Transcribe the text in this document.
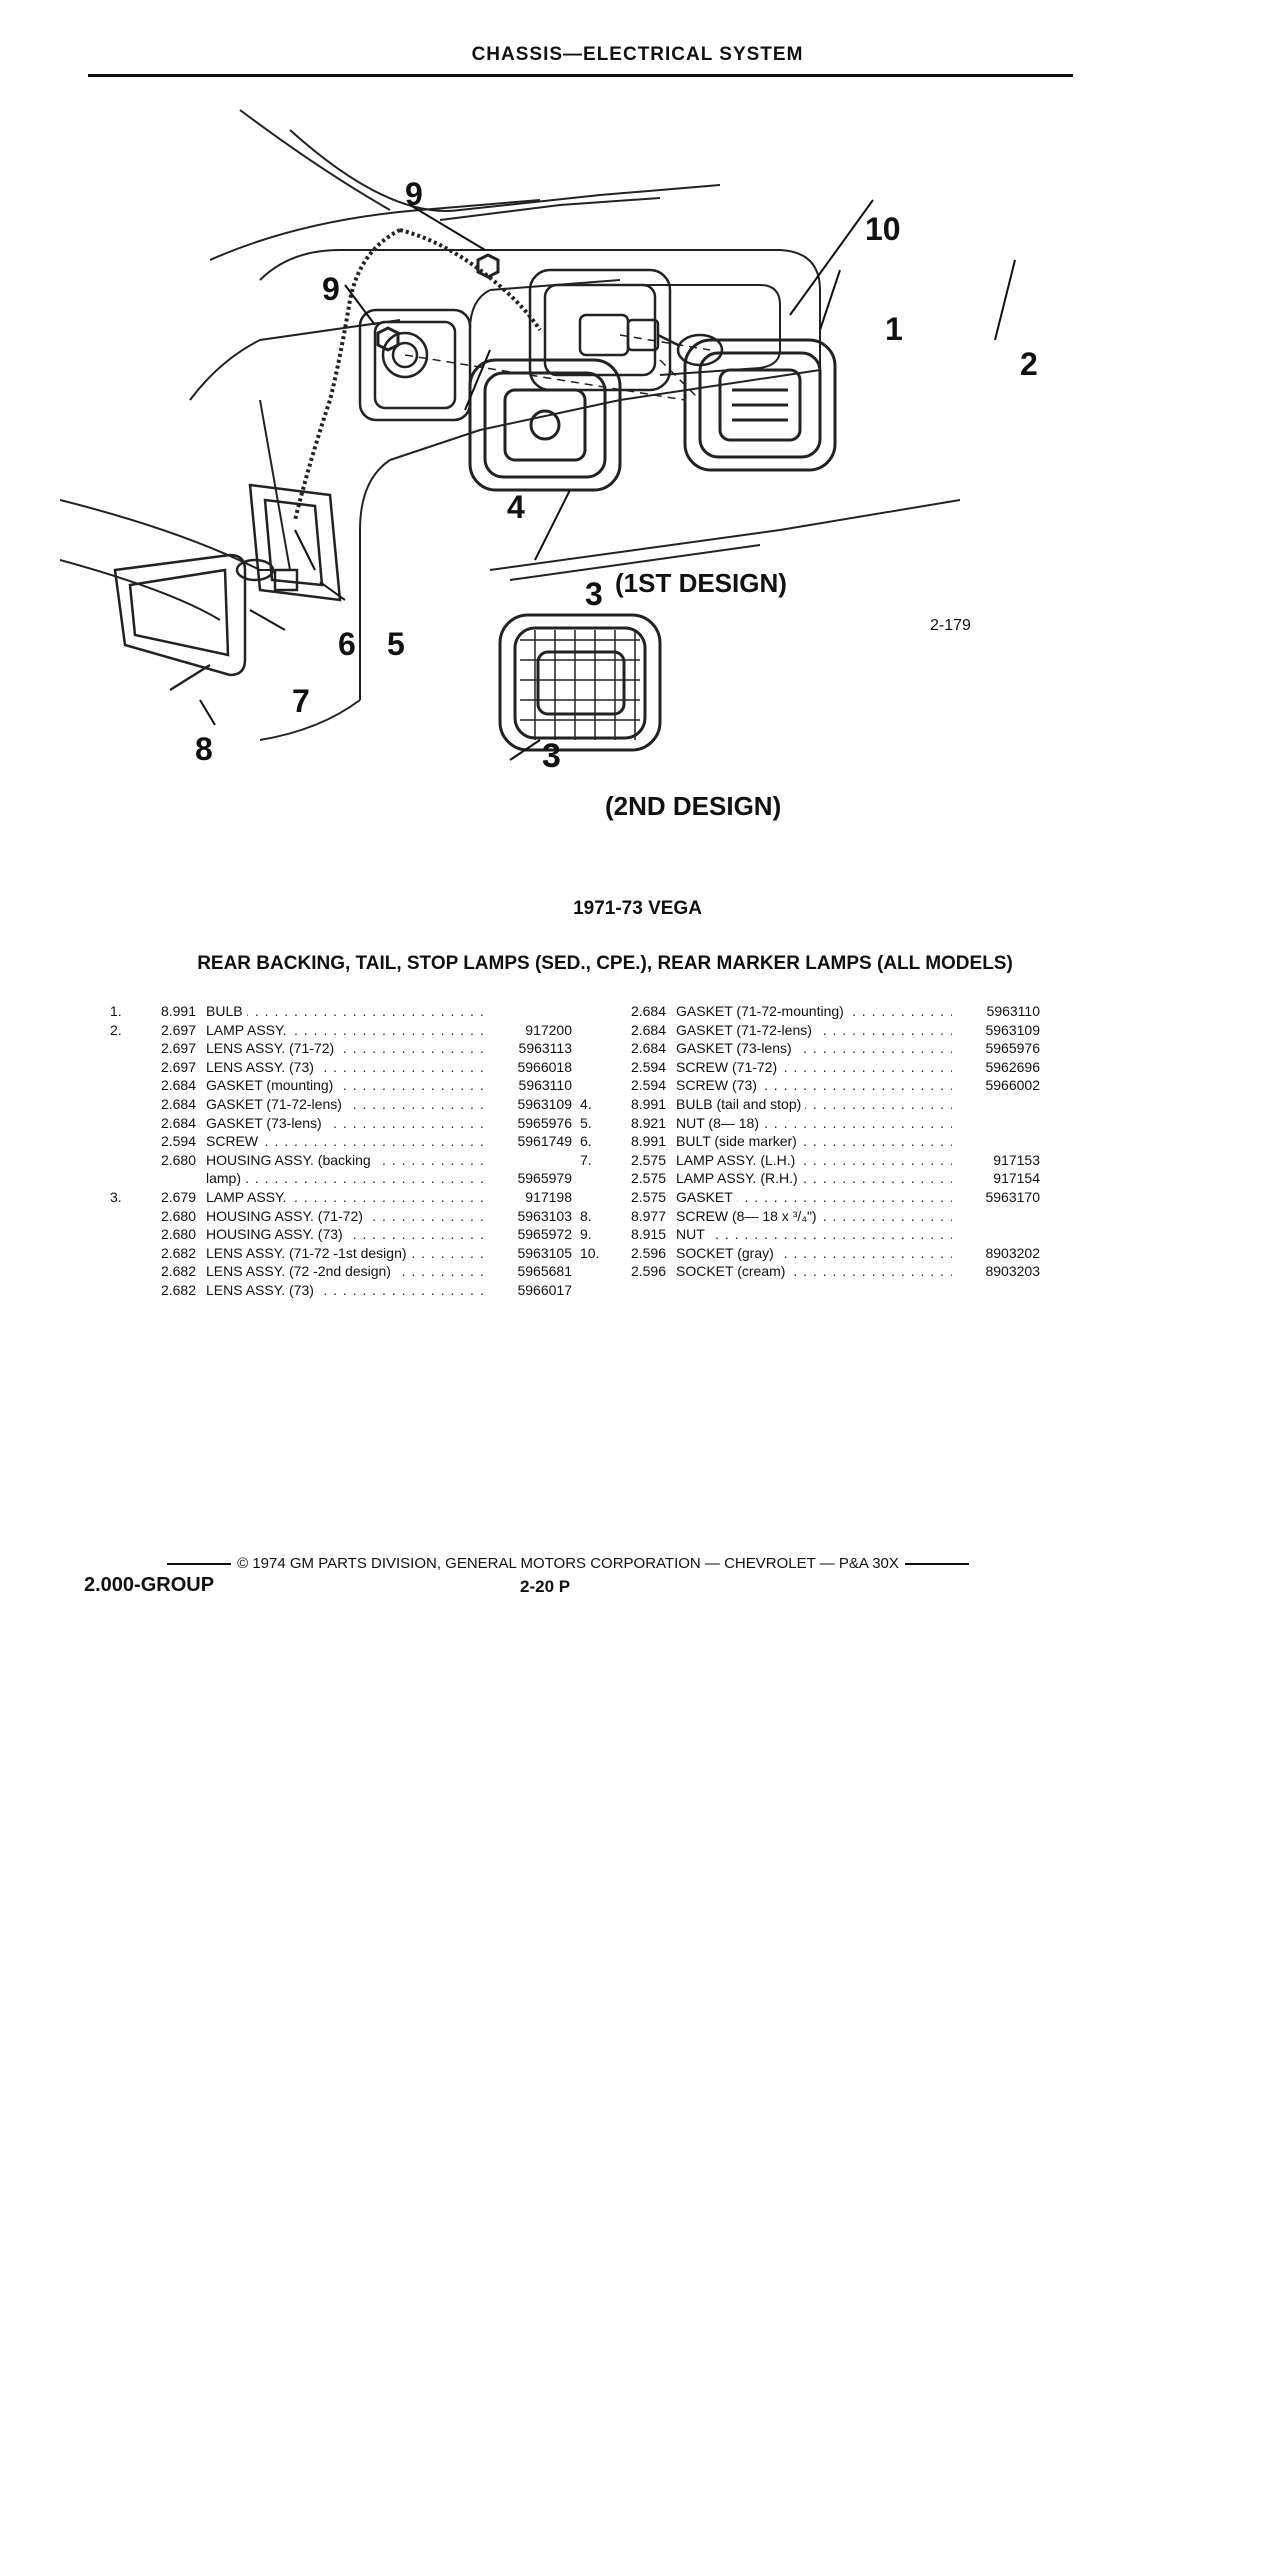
CHASSIS—ELECTRICAL SYSTEM
9
9
10
1
2
4
3
6 5
7
8	3
(1ST DESIGN)
(2ND DESIGN)
2-179
1971-73 VEGA
REAR BACKING, TAIL, STOP LAMPS (SED., CPE.), REAR MARKER LAMPS (ALL MODELS)
1.	8.991 BULB . . .
2.	2.697 LAMP ASSY. . . .	917200
2.697 LENS ASSY. (71-72) . . .	5963113
2.697 LENS ASSY. (73) . . .	5966018
2.684 GASKET (mounting) . . .	5963110
2.684 GASKET (71-72-lens) . . .	5963109
2.684 GASKET (73-lens) . . .	5965976
2.594 SCREW . . .	5961749
2.680 HOUSING ASSY. (backing . . .
lamp) . . .	5965979
3.	2.679 LAMP ASSY. . . .	917198
2.680 HOUSING ASSY. (71-72) . . .	5963103
2.680 HOUSING ASSY. (73) . . .	5965972
2.682 LENS ASSY. (71-72 -1st design) . . .	5963105
2.682 LENS ASSY. (72 -2nd design) . . .	5965681
2.682 LENS ASSY. (73) . . .	5966017
2.684 GASKET (71-72-mounting) . . .	5963110
2.684 GASKET (71-72-lens) . . .	5963109
2.684 GASKET (73-lens) . . .	5965976
2.594 SCREW (71-72) . . .	5962696
2.594 SCREW (73) . . .	5966002
4.	8.991 BULB (tail and stop) . . .
5.	8.921 NUT (8— 18) . . .
6.	8.991 BULT (side marker) . . .
7.	2.575 LAMP ASSY. (L.H.) . . .	917153
2.575 LAMP ASSY. (R.H.) . . .	917154
2.575 GASKET . . .	5963170
8.	8.977 SCREW (8— 18 x ³/₄") . . .
9.	8.915 NUT . . .
10.	2.596 SOCKET (gray) . . .	8903202
2.596 SOCKET (cream) . . .	8903203
© 1974 GM PARTS DIVISION, GENERAL MOTORS CORPORATION — CHEVROLET — P&A 30X
2.000-GROUP	2-20 P
